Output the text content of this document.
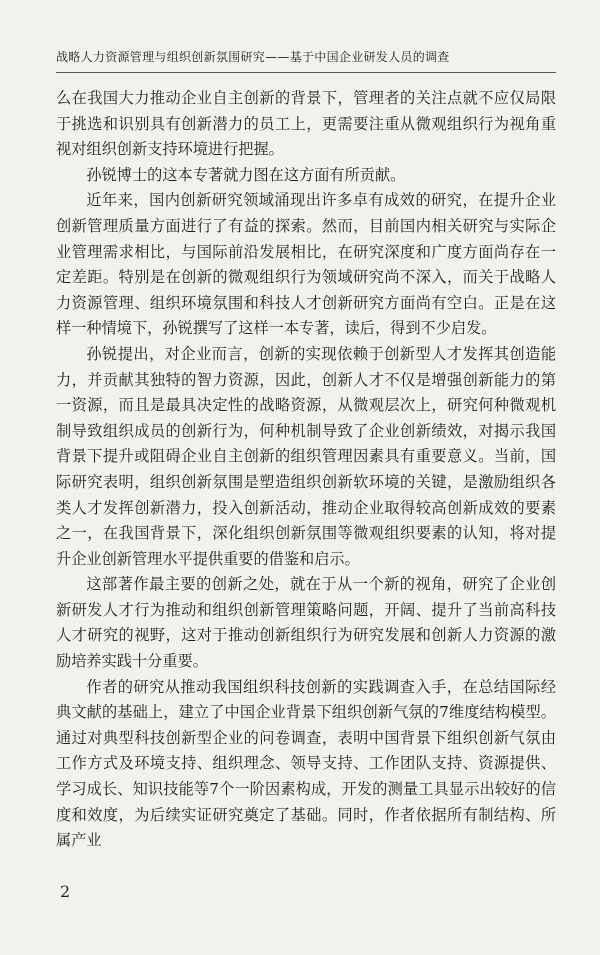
战略人力资源管理与组织创新氛围研究——基于中国企业研发人员的调查

么在我国大力推动企业自主创新的背景下，管理者的关注点就不应仅局限于挑选和识别具有创新潜力的员工上，更需要注重从微观组织行为视角重视对组织创新支持环境进行把握。

孙锐博士的这本专著就力图在这方面有所贡献。

近年来，国内创新研究领域涌现出许多卓有成效的研究，在提升企业创新管理质量方面进行了有益的探索。然而，目前国内相关研究与实际企业管理需求相比，与国际前沿发展相比，在研究深度和广度方面尚存在一定差距。特别是在创新的微观组织行为领域研究尚不深入，而关于战略人力资源管理、组织环境氛围和科技人才创新研究方面尚有空白。正是在这样一种情境下，孙锐撰写了这样一本专著，读后，得到不少启发。

孙锐提出，对企业而言，创新的实现依赖于创新型人才发挥其创造能力，并贡献其独特的智力资源，因此，创新人才不仅是增强创新能力的第一资源，而且是最具决定性的战略资源，从微观层次上，研究何种微观机制导致组织成员的创新行为，何种机制导致了企业创新绩效，对揭示我国背景下提升或阻碍企业自主创新的组织管理因素具有重要意义。当前，国际研究表明，组织创新氛围是塑造组织创新软环境的关键，是激励组织各类人才发挥创新潜力，投入创新活动，推动企业取得较高创新成效的要素之一，在我国背景下，深化组织创新氛围等微观组织要素的认知，将对提升企业创新管理水平提供重要的借鉴和启示。

这部著作最主要的创新之处，就在于从一个新的视角，研究了企业创新研发人才行为推动和组织创新管理策略问题，开阔、提升了当前高科技人才研究的视野，这对于推动创新组织行为研究发展和创新人力资源的激励培养实践十分重要。

作者的研究从推动我国组织科技创新的实践调查入手，在总结国际经典文献的基础上，建立了中国企业背景下组织创新气氛的7维度结构模型。通过对典型科技创新型企业的问卷调查，表明中国背景下组织创新气氛由工作方式及环境支持、组织理念、领导支持、工作团队支持、资源提供、学习成长、知识技能等7个一阶因素构成，开发的测量工具显示出较好的信度和效度，为后续实证研究奠定了基础。同时，作者依据所有制结构、所属产业

2
